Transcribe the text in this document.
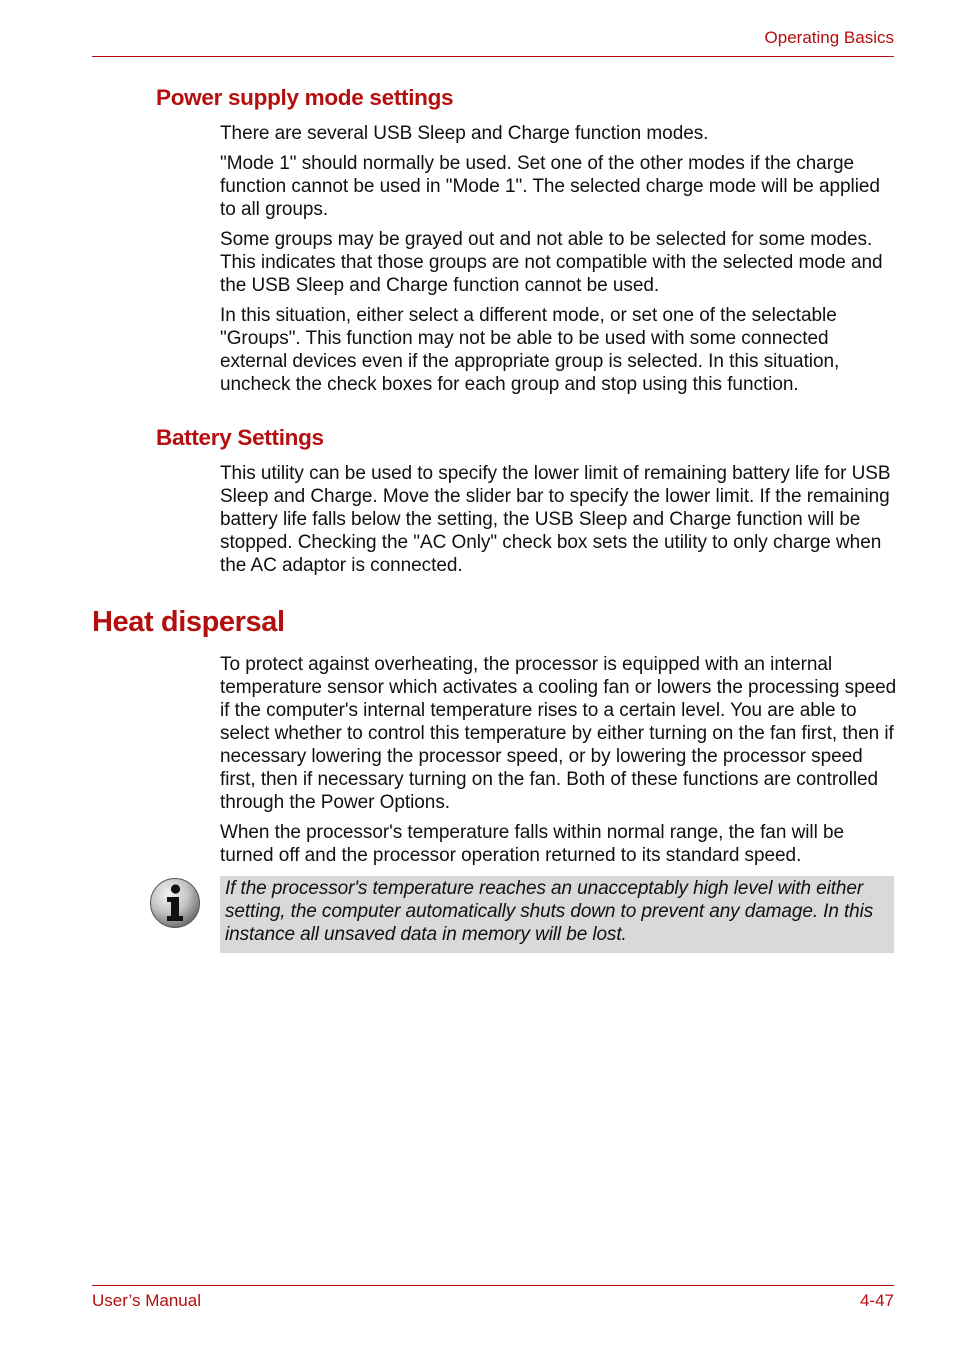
Operating Basics
Power supply mode settings

There are several USB Sleep and Charge function modes.

"Mode 1" should normally be used. Set one of the other modes if the charge function cannot be used in "Mode 1". The selected charge mode will be applied to all groups.

Some groups may be grayed out and not able to be selected for some modes. This indicates that those groups are not compatible with the selected mode and the USB Sleep and Charge function cannot be used.

In this situation, either select a different mode, or set one of the selectable "Groups". This function may not be able to be used with some connected external devices even if the appropriate group is selected. In this situation, uncheck the check boxes for each group and stop using this function.

Battery Settings

This utility can be used to specify the lower limit of remaining battery life for USB Sleep and Charge. Move the slider bar to specify the lower limit. If the remaining battery life falls below the setting, the USB Sleep and Charge function will be stopped. Checking the "AC Only" check box sets the utility to only charge when the AC adaptor is connected.

Heat dispersal

To protect against overheating, the processor is equipped with an internal temperature sensor which activates a cooling fan or lowers the processing speed if the computer's internal temperature rises to a certain level. You are able to select whether to control this temperature by either turning on the fan first, then if necessary lowering the processor speed, or by lowering the processor speed first, then if necessary turning on the fan. Both of these functions are controlled through the Power Options.

When the processor's temperature falls within normal range, the fan will be turned off and the processor operation returned to its standard speed.

If the processor's temperature reaches an unacceptably high level with either setting, the computer automatically shuts down to prevent any damage. In this instance all unsaved data in memory will be lost.

User’s Manual	4-47
